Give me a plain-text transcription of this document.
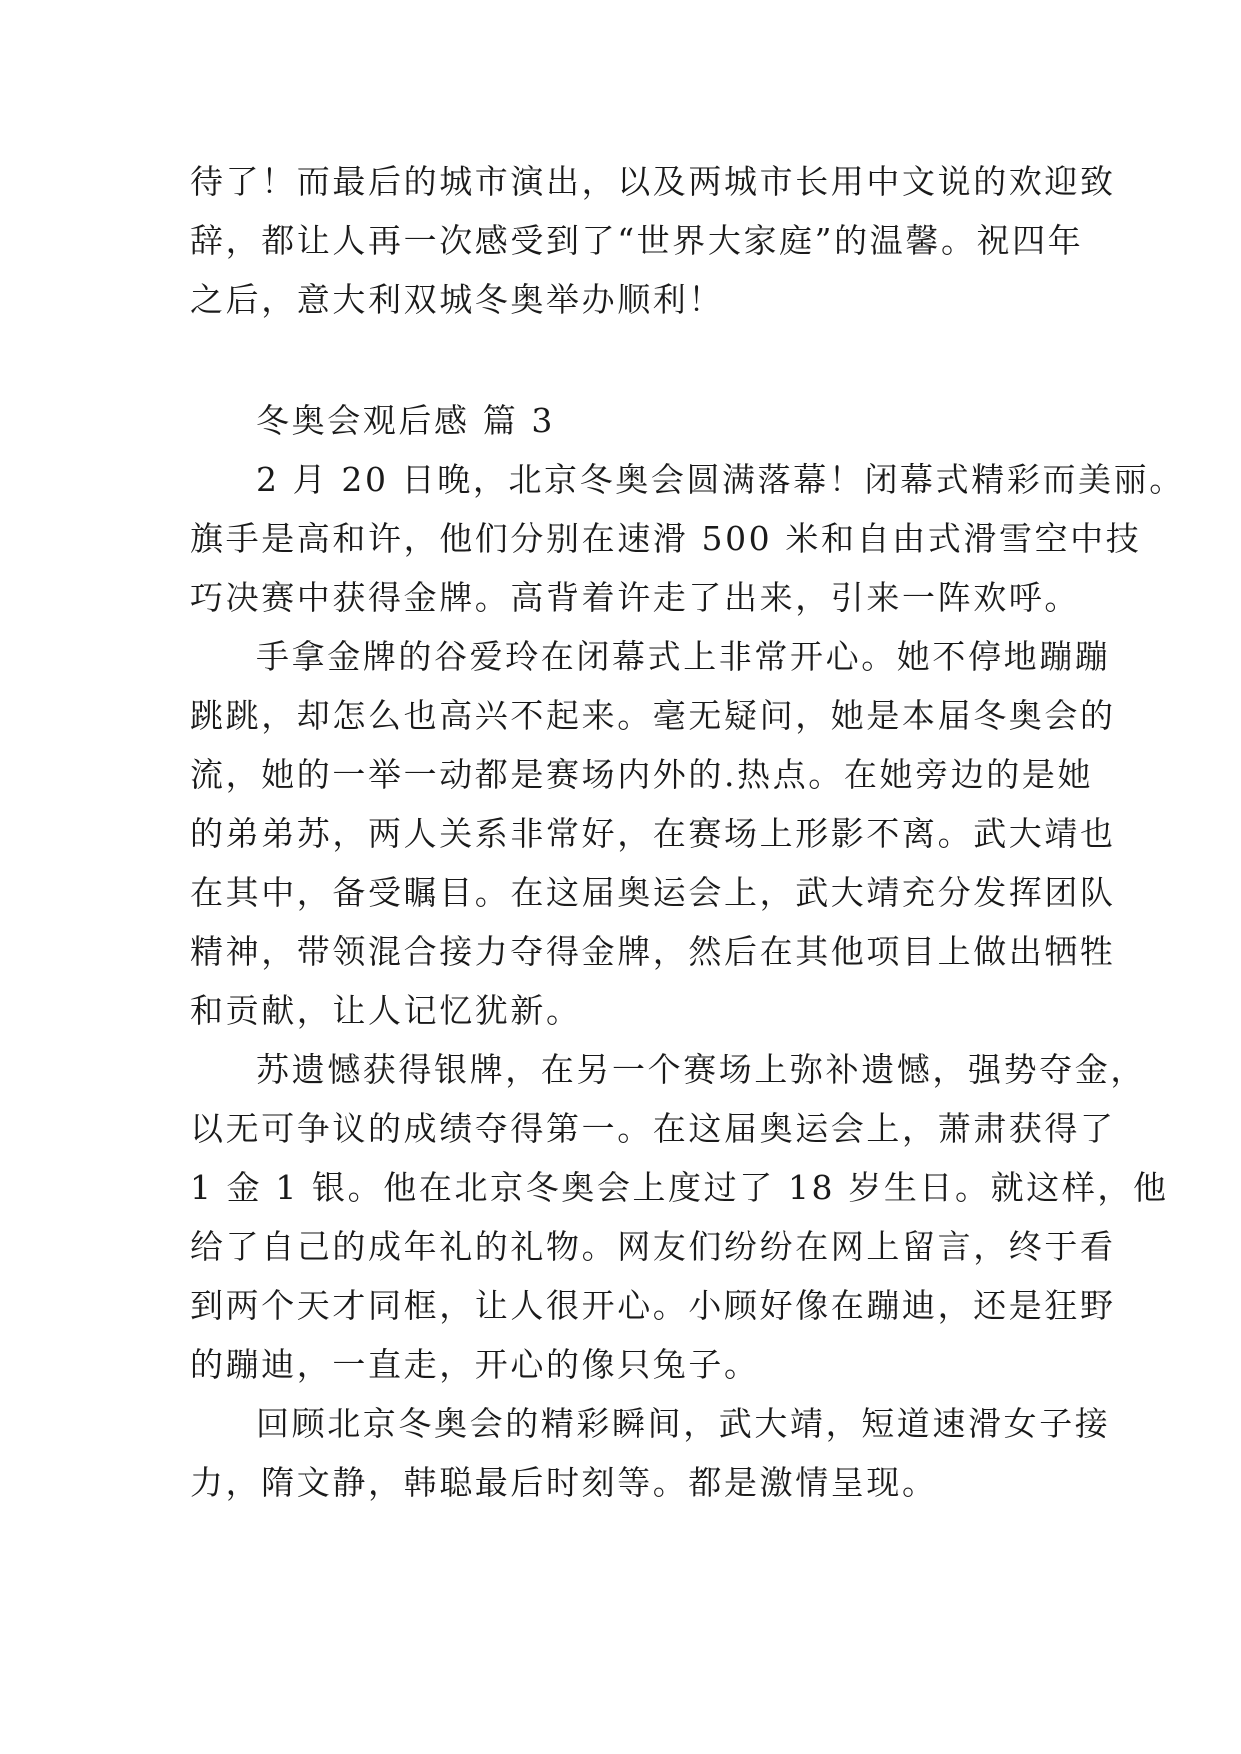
待了！而最后的城市演出，以及两城市长用中文说的欢迎致
辞，都让人再一次感受到了“世界大家庭”的温馨。祝四年
之后，意大利双城冬奥举办顺利！
冬奥会观后感 篇 3
2 月 20 日晚，北京冬奥会圆满落幕！闭幕式精彩而美丽。
旗手是高和许，他们分别在速滑 500 米和自由式滑雪空中技
巧决赛中获得金牌。高背着许走了出来，引来一阵欢呼。
手拿金牌的谷爱玲在闭幕式上非常开心。她不停地蹦蹦
跳跳，却怎么也高兴不起来。毫无疑问，她是本届冬奥会的
流，她的一举一动都是赛场内外的.热点。在她旁边的是她
的弟弟苏，两人关系非常好，在赛场上形影不离。武大靖也
在其中，备受瞩目。在这届奥运会上，武大靖充分发挥团队
精神，带领混合接力夺得金牌，然后在其他项目上做出牺牲
和贡献，让人记忆犹新。
苏遗憾获得银牌，在另一个赛场上弥补遗憾，强势夺金，
以无可争议的成绩夺得第一。在这届奥运会上，萧肃获得了
1 金 1 银。他在北京冬奥会上度过了 18 岁生日。就这样，他
给了自己的成年礼的礼物。网友们纷纷在网上留言，终于看
到两个天才同框，让人很开心。小顾好像在蹦迪，还是狂野
的蹦迪，一直走，开心的像只兔子。
回顾北京冬奥会的精彩瞬间，武大靖，短道速滑女子接
力，隋文静，韩聪最后时刻等。都是激情呈现。
